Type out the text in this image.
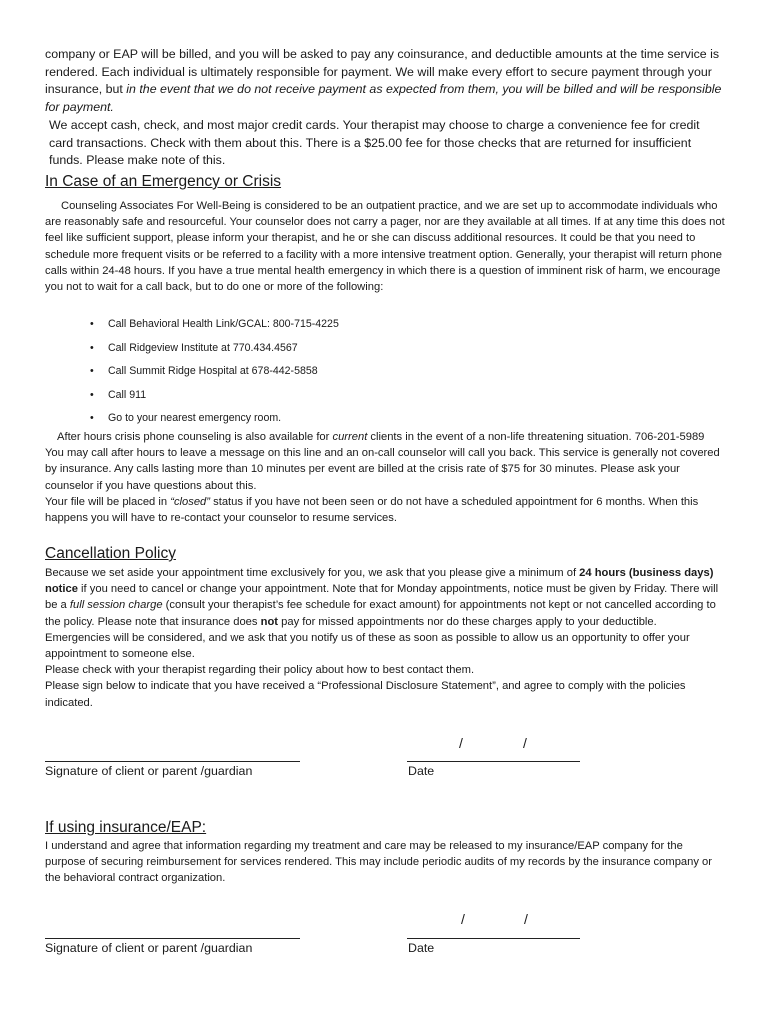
company or EAP will be billed, and you will be asked to pay any coinsurance, and deductible amounts at the time service is rendered. Each individual is ultimately responsible for payment. We will make every effort to secure payment through your insurance, but in the event that we do not receive payment as expected from them, you will be billed and will be responsible for payment.

We accept cash, check, and most major credit cards. Your therapist may choose to charge a convenience fee for credit card transactions. Check with them about this. There is a $25.00 fee for those checks that are returned for insufficient funds. Please make note of this.

In Case of an Emergency or Crisis

Counseling Associates For Well-Being is considered to be an outpatient practice, and we are set up to accommodate individuals who are reasonably safe and resourceful. Your counselor does not carry a pager, nor are they available at all times. If at any time this does not feel like sufficient support, please inform your therapist, and he or she can discuss additional resources. It could be that you need to schedule more frequent visits or be referred to a facility with a more intensive treatment option. Generally, your therapist will return phone calls within 24-48 hours. If you have a true mental health emergency in which there is a question of imminent risk of harm, we encourage you not to wait for a call back, but to do one or more of the following:

• Call Behavioral Health Link/GCAL: 800-715-4225
• Call Ridgeview Institute at 770.434.4567
• Call Summit Ridge Hospital at 678-442-5858
• Call 911
• Go to your nearest emergency room.

After hours crisis phone counseling is also available for current clients in the event of a non-life threatening situation. 706-201-5989 You may call after hours to leave a message on this line and an on-call counselor will call you back. This service is generally not covered by insurance. Any calls lasting more than 10 minutes per event are billed at the crisis rate of $75 for 30 minutes. Please ask your counselor if you have questions about this.

Your file will be placed in “closed” status if you have not been seen or do not have a scheduled appointment for 6 months. When this happens you will have to re-contact your counselor to resume services.

Cancellation Policy

Because we set aside your appointment time exclusively for you, we ask that you please give a minimum of 24 hours (business days) notice if you need to cancel or change your appointment. Note that for Monday appointments, notice must be given by Friday. There will be a full session charge (consult your therapist’s fee schedule for exact amount) for appointments not kept or not cancelled according to the policy. Please note that insurance does not pay for missed appointments nor do these charges apply to your deductible. Emergencies will be considered, and we ask that you notify us of these as soon as possible to allow us an opportunity to offer your appointment to someone else.

Please check with your therapist regarding their policy about how to best contact them.

Please sign below to indicate that you have received a “Professional Disclosure Statement”, and agree to comply with the policies indicated.

/	/
Signature of client or parent /guardian	Date
If using insurance/EAP:

I understand and agree that information regarding my treatment and care may be released to my insurance/EAP company for the purpose of securing reimbursement for services rendered. This may include periodic audits of my records by the insurance company or the behavioral contract organization.

/	/
Signature of client or parent /guardian	Date
